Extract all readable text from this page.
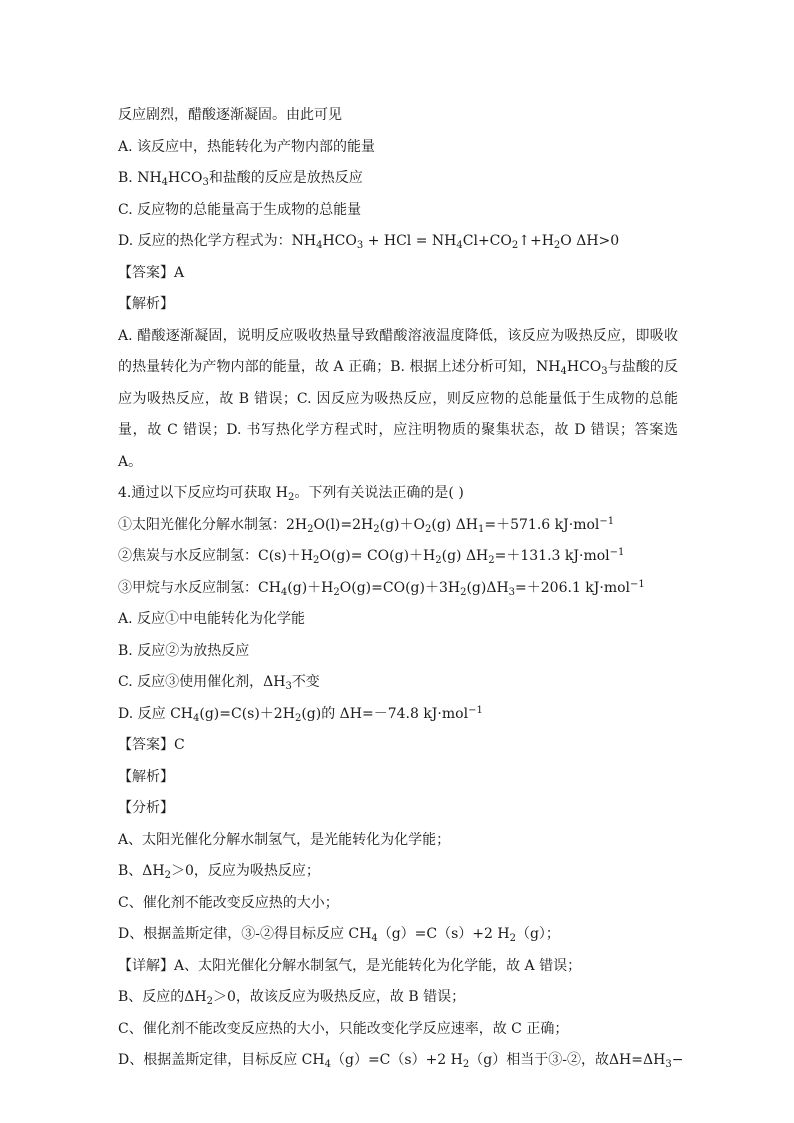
反应剧烈，醋酸逐渐凝固。由此可见
A. 该反应中，热能转化为产物内部的能量
B. $NH_4HCO_3$和盐酸的反应是放热反应
C. 反应物的总能量高于生成物的总能量
D. 反应的热化学方程式为：$NH_4HCO_3$ + HCl = $NH_4Cl+CO_2↑+H_2O$ ΔH>0
【答案】A
【解析】
A. 醋酸逐渐凝固，说明反应吸收热量导致醋酸溶液温度降低，该反应为吸热反应，即吸收的热量转化为产物内部的能量，故 A 正确；B. 根据上述分析可知，$NH_4HCO_3$与盐酸的反应为吸热反应，故 B 错误；C. 因反应为吸热反应，则反应物的总能量低于生成物的总能量，故 C 错误；D. 书写热化学方程式时，应注明物质的聚集状态，故 D 错误；答案选 A。
4.通过以下反应均可获取 $H_2$。下列有关说法正确的是( )
①太阳光催化分解水制氢：$2H_2O(l)=2H_2(g)+O_2(g)$ $\Delta H_1=+571.6$ kJ·mol$^{-1}$
②焦炭与水反应制氢：$C(s)+H_2O(g)= CO(g)+H_2(g)$ $\Delta H_2=+131.3$ kJ·mol$^{-1}$
③甲烷与水反应制氢：$CH_4(g)+H_2O(g)=CO(g)+3H_2(g)\Delta H_3=+206.1$ kJ·mol$^{-1}$
A. 反应①中电能转化为化学能
B. 反应②为放热反应
C. 反应③使用催化剂，$\Delta H_3$不变
D. 反应 $CH_4(g)=C(s)+2H_2(g)$的 ΔH=－74.8 kJ·mol$^{-1}$
【答案】C
【解析】
【分析】
A、太阳光催化分解水制氢气，是光能转化为化学能；
B、$\Delta H_2>0$，反应为吸热反应；
C、催化剂不能改变反应热的大小；
D、根据盖斯定律，③-②得目标反应 $CH_4(g)=C(s)+2$ $H_2(g)$；
【详解】A、太阳光催化分解水制氢气，是光能转化为化学能，故 A 错误；
B、反应的$\Delta H_2>0$，故该反应为吸热反应，故 B 错误；
C、催化剂不能改变反应热的大小，只能改变化学反应速率，故 C 正确；
D、根据盖斯定律，目标反应 $CH_4(g)=C(s)+2$ $H_2(g)$相当于③-②，故$\Delta H=\Delta H_3-$
